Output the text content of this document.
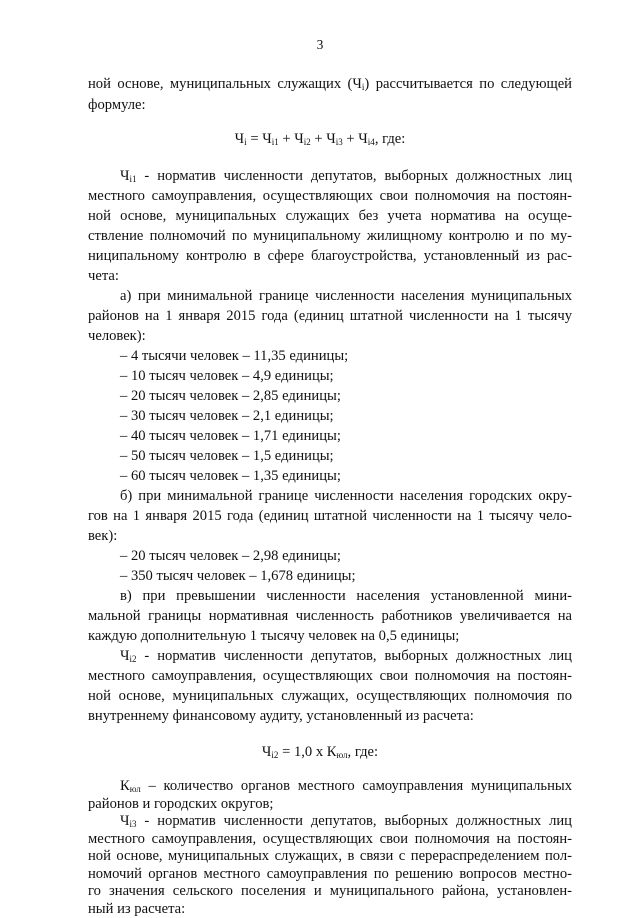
3
ной основе, муниципальных служащих $(Ч_i)$ рассчитывается по следующей
формуле:
$Ч_i = Ч_{i1} + Ч_{i2} + Ч_{i3} + Ч_{i4}$, где:
$Ч_{i1}$ - норматив численности депутатов, выборных должностных лиц
местного самоуправления, осуществляющих свои полномочия на постоян-
ной основе, муниципальных служащих без учета норматива на осуще-
ствление полномочий по муниципальному жилищному контролю и по му-
ниципальному контролю в сфере благоустройства, установленный из рас-
чета:
а) при минимальной границе численности населения муниципальных
районов на 1 января 2015 года (единиц штатной численности на 1 тысячу
человек):
– 4 тысячи человек – 11,35 единицы;
– 10 тысяч человек – 4,9 единицы;
– 20 тысяч человек – 2,85 единицы;
– 30 тысяч человек – 2,1 единицы;
– 40 тысяч человек – 1,71 единицы;
– 50 тысяч человек – 1,5 единицы;
– 60 тысяч человек – 1,35 единицы;
б) при минимальной границе численности населения городских окру-
гов на 1 января 2015 года (единиц штатной численности на 1 тысячу чело-
век):
– 20 тысяч человек – 2,98 единицы;
– 350 тысяч человек – 1,678 единицы;
в) при превышении численности населения установленной мини-
мальной границы нормативная численность работников увеличивается на
каждую дополнительную 1 тысячу человек на 0,5 единицы;
$Ч_{i2}$ - норматив численности депутатов, выборных должностных лиц
местного самоуправления, осуществляющих свои полномочия на постоян-
ной основе, муниципальных служащих, осуществляющих полномочия по
внутреннему финансовому аудиту, установленный из расчета:
$Ч_{i2} = 1,0$ x $К_{юл}$, где:
$К_{юл}$ – количество органов местного самоуправления муниципальных
районов и городских округов;
$Ч_{i3}$ - норматив численности депутатов, выборных должностных лиц
местного самоуправления, осуществляющих свои полномочия на постоян-
ной основе, муниципальных служащих, в связи с перераспределением пол-
номочий органов местного самоуправления по решению вопросов местно-
го значения сельского поселения и муниципального района, установлен-
ный из расчета:
